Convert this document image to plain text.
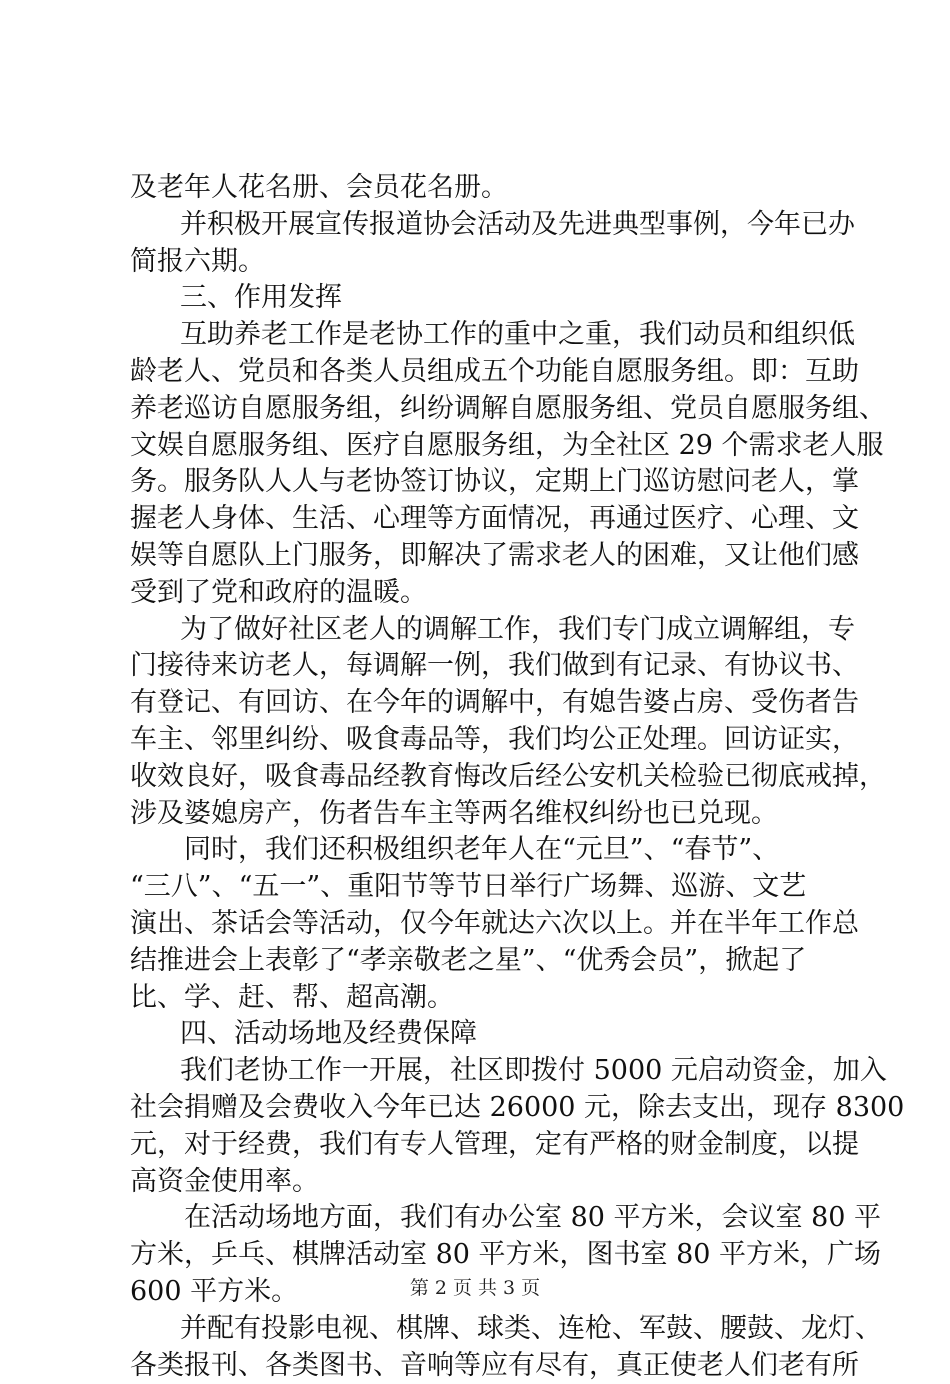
及老年人花名册、会员花名册。
并积极开展宣传报道协会活动及先进典型事例，今年已办
简报六期。
三、作用发挥
互助养老工作是老协工作的重中之重，我们动员和组织低
龄老人、党员和各类人员组成五个功能自愿服务组。即：互助
养老巡访自愿服务组，纠纷调解自愿服务组、党员自愿服务组、
文娱自愿服务组、医疗自愿服务组，为全社区 29 个需求老人服
务。服务队人人与老协签订协议，定期上门巡访慰问老人，掌
握老人身体、生活、心理等方面情况，再通过医疗、心理、文
娱等自愿队上门服务，即解决了需求老人的困难，又让他们感
受到了党和政府的温暖。
为了做好社区老人的调解工作，我们专门成立调解组，专
门接待来访老人，每调解一例，我们做到有记录、有协议书、
有登记、有回访、在今年的调解中，有媳告婆占房、受伤者告
车主、邻里纠纷、吸食毒品等，我们均公正处理。回访证实，
收效良好，吸食毒品经教育悔改后经公安机关检验已彻底戒掉，
涉及婆媳房产，伤者告车主等两名维权纠纷也已兑现。
同时，我们还积极组织老年人在“元旦”、“春节”、
“三八”、“五一”、重阳节等节日举行广场舞、巡游、文艺
演出、茶话会等活动，仅今年就达六次以上。并在半年工作总
结推进会上表彰了“孝亲敬老之星”、“优秀会员”，掀起了
比、学、赶、帮、超高潮。
四、活动场地及经费保障
我们老协工作一开展，社区即拨付 5000 元启动资金，加入
社会捐赠及会费收入今年已达 26000 元，除去支出，现存 8300
元，对于经费，我们有专人管理，定有严格的财金制度，以提
高资金使用率。
在活动场地方面，我们有办公室 80 平方米，会议室 80 平
方米，乒乓、棋牌活动室 80 平方米，图书室 80 平方米，广场
600 平方米。
并配有投影电视、棋牌、球类、连枪、军鼓、腰鼓、龙灯、
各类报刊、各类图书、音响等应有尽有，真正使老人们老有所
第 2 页 共 3 页
